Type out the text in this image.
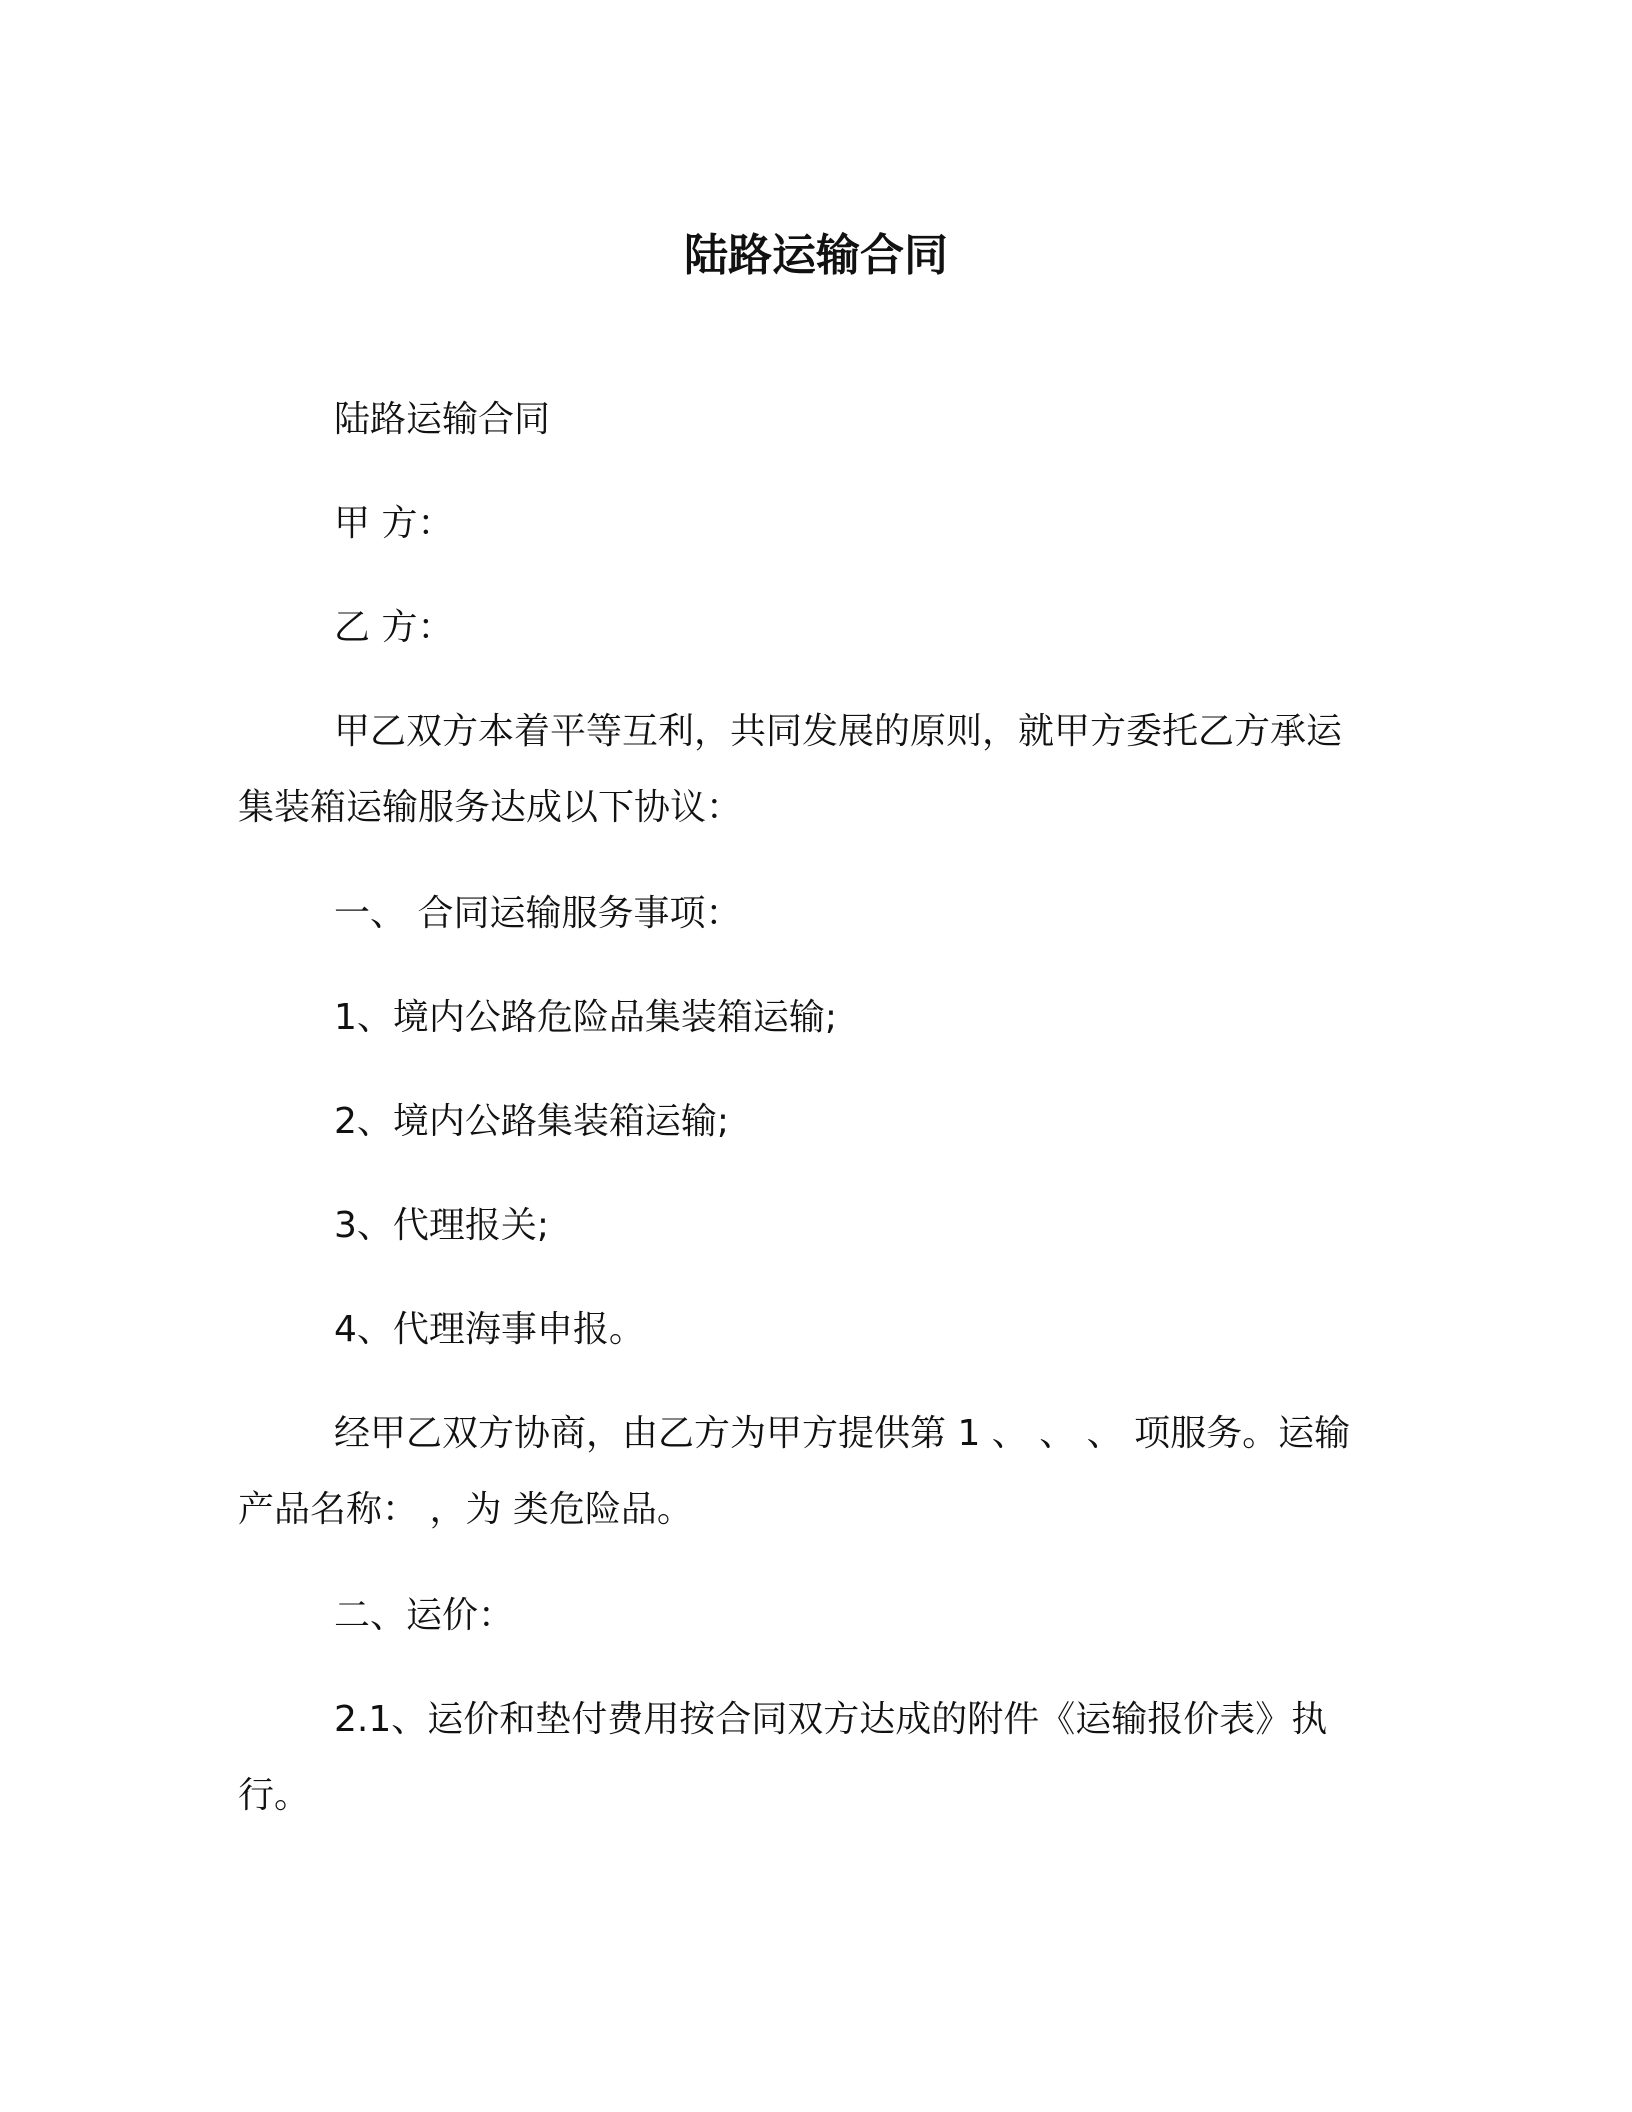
陆路运输合同
陆路运输合同
甲 方：
乙 方：
甲乙双方本着平等互利，共同发展的原则，就甲方委托乙方承运
集装箱运输服务达成以下协议：
一、 合同运输服务事项：
1、境内公路危险品集装箱运输;
2、境内公路集装箱运输;
3、代理报关;
4、代理海事申报。
经甲乙双方协商，由乙方为甲方提供第 1 、 、 、 项服务。运输
产品名称： ，为 类危险品。
二、运价：
2.1、运价和垫付费用按合同双方达成的附件《运输报价表》执
行。
